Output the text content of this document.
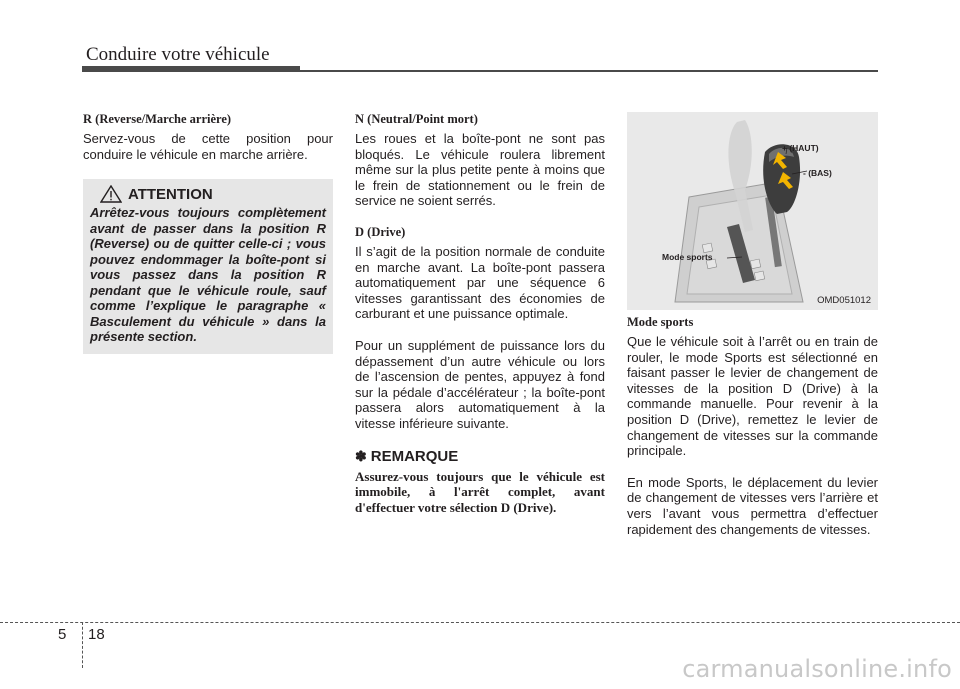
Conduire votre véhicule

R (Reverse/Marche arrière)

Servez-vous de cette position pour conduire le véhicule en marche arrière.

ATTENTION

Arrêtez-vous toujours complètement avant de passer dans la position R (Reverse) ou de quitter celle-ci ; vous pouvez endommager la boîte-pont si vous passez dans la position R pendant que le véhicule roule, sauf comme l’explique le paragraphe « Basculement du véhicule » dans la présente section.

N (Neutral/Point mort)

Les roues et la boîte-pont ne sont pas bloqués. Le véhicule roulera librement même sur la plus petite pente à moins que le frein de stationnement ou le frein de service ne soient serrés.

D (Drive)

Il s’agit de la position normale de conduite en marche avant. La boîte-pont passera automatiquement par une séquence 6 vitesses garantissant des économies de carburant et une puissance optimale.

Pour un supplément de puissance lors du dépassement d’un autre véhicule ou lors de l’ascension de pentes, appuyez à fond sur la pédale d’accélérateur ; la boîte-pont passera alors automatiquement à la vitesse inférieure suivante.

✽ REMARQUE

Assurez-vous toujours que le véhicule est immobile, à l'arrêt complet, avant d'effectuer votre sélection D (Drive).

+ (HAUT)
- (BAS)
Mode sports
OMD051012

Mode sports

Que le véhicule soit à l’arrêt ou en train de rouler, le mode Sports est sélectionné en faisant passer le levier de changement de vitesses de la position D (Drive) à la commande manuelle. Pour revenir à la position D (Drive), remettez le levier de changement de vitesses sur la commande principale.

En mode Sports, le déplacement du levier de changement de vitesses vers l’arrière et vers l’avant vous permettra d’effectuer rapidement des changements de vitesses.

5 18
carmanualsonline.info
